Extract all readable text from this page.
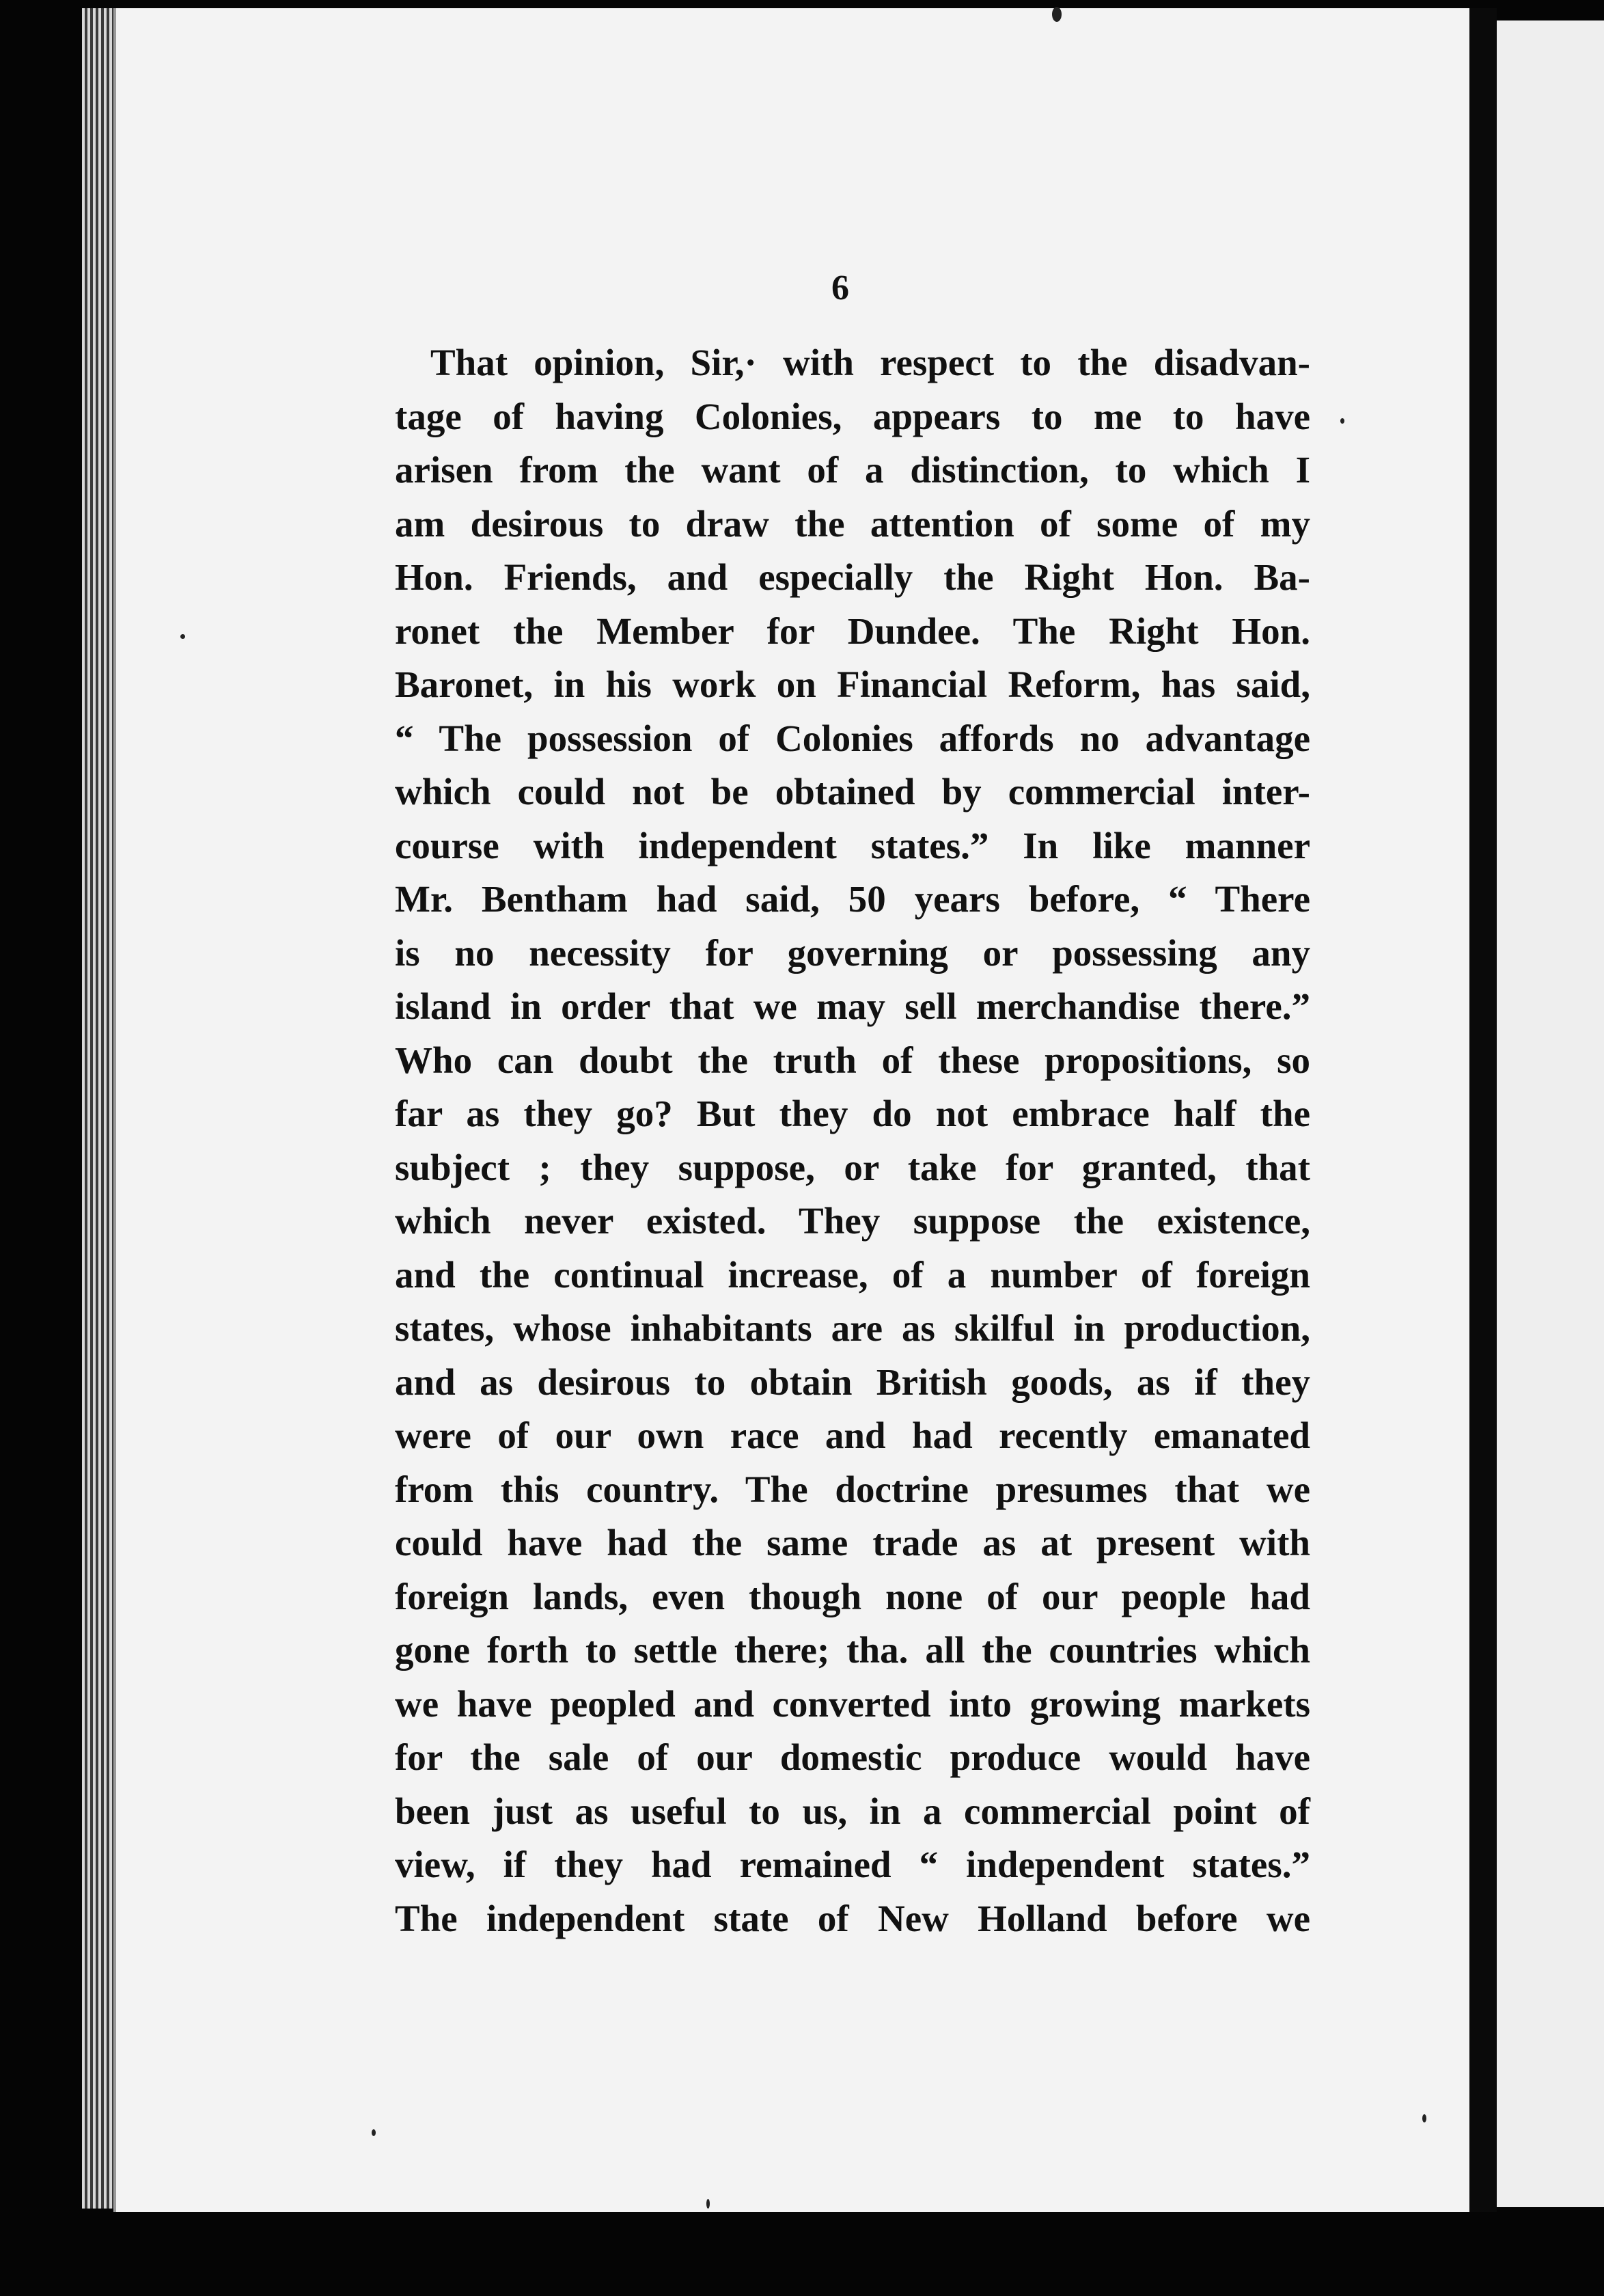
6
That opinion, Sir,· with respect to the disadvan-
tage of having Colonies, appears to me to have
arisen from the want of a distinction, to which I
am desirous to draw the attention of some of my
Hon. Friends, and especially the Right Hon. Ba-
ronet the Member for Dundee. The Right Hon.
Baronet, in his work on Financial Reform, has said,
“ The possession of Colonies affords no advantage
which could not be obtained by commercial inter-
course with independent states.” In like manner
Mr. Bentham had said, 50 years before, “ There
is no necessity for governing or possessing any
island in order that we may sell merchandise there.”
Who can doubt the truth of these propositions, so
far as they go? But they do not embrace half the
subject ; they suppose, or take for granted, that
which never existed. They suppose the existence,
and the continual increase, of a number of foreign
states, whose inhabitants are as skilful in production,
and as desirous to obtain British goods, as if they
were of our own race and had recently emanated
from this country. The doctrine presumes that we
could have had the same trade as at present with
foreign lands, even though none of our people had
gone forth to settle there; tha. all the countries which
we have peopled and converted into growing markets
for the sale of our domestic produce would have
been just as useful to us, in a commercial point of
view, if they had remained “ independent states.”
The independent state of New Holland before we
